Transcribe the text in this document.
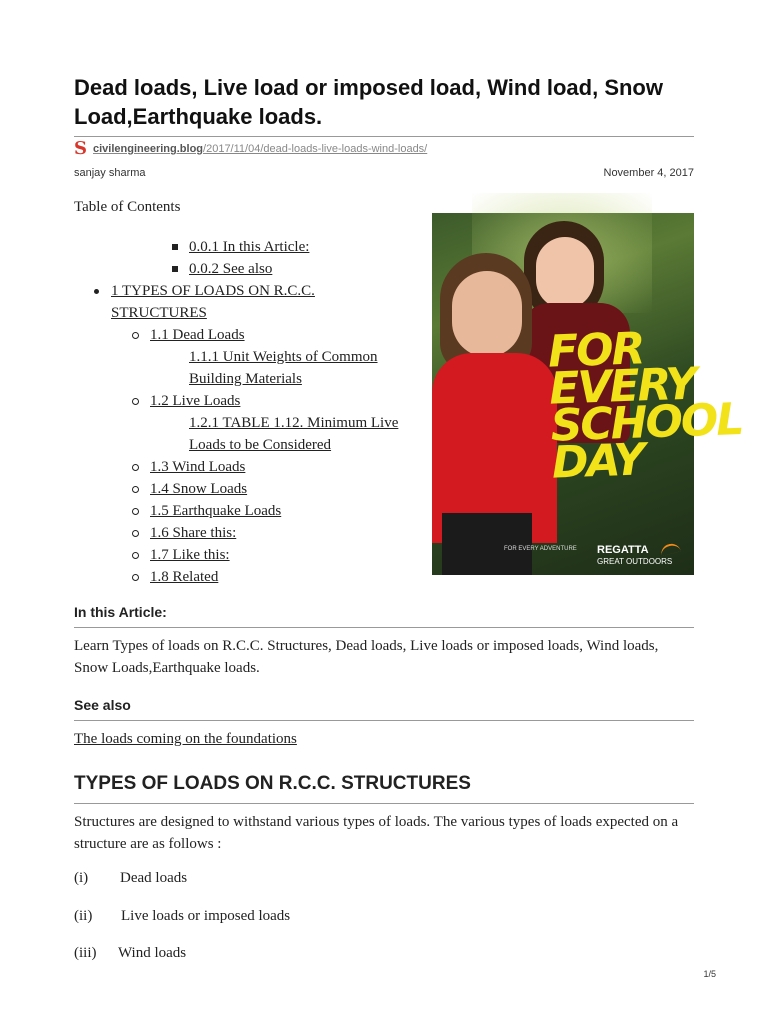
Dead loads, Live load or imposed load, Wind load, Snow Load,Earthquake loads.
S civilengineering.blog/2017/11/04/dead-loads-live-loads-wind-loads/
sanjay sharma	November 4, 2017
Table of Contents
0.0.1 In this Article:
0.0.2 See also
1 TYPES OF LOADS ON R.C.C. STRUCTURES
1.1 Dead Loads
1.1.1 Unit Weights of Common Building Materials
1.2 Live Loads
1.2.1 TABLE 1.12. Minimum Live Loads to be Considered
1.3 Wind Loads
1.4 Snow Loads
1.5 Earthquake Loads
1.6 Share this:
1.7 Like this:
1.8 Related
FOR EVERY SCHOOL DAY
FOR EVERY ADVENTURE REGATTA
GREAT OUTDOORS
In this Article:

Learn Types of loads on R.C.C. Structures, Dead loads, Live loads or imposed loads, Wind loads, Snow Loads,Earthquake loads.

See also

The loads coming on the foundations

TYPES OF LOADS ON R.C.C. STRUCTURES

Structures are designed to withstand various types of loads. The various types of loads expected on a structure are as follows :

(i) Dead loads
(ii) Live loads or imposed loads
(iii) Wind loads
1/5
